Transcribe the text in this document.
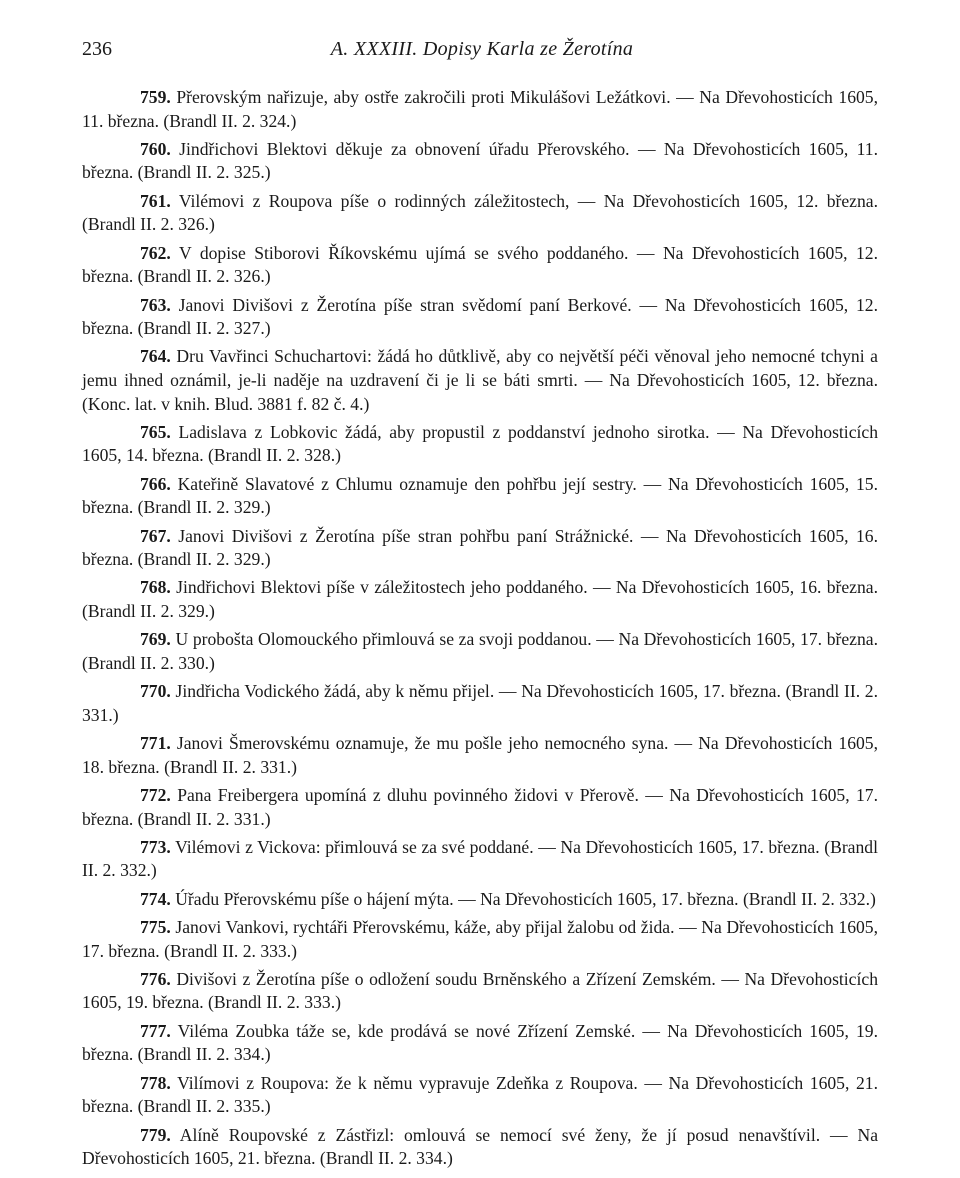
236	A. XXXIII. Dopisy Karla ze Žerotína

759. Přerovským nařizuje, aby ostře zakročili proti Mikulášovi Ležátkovi. — Na Dřevohosticích 1605, 11. března. (Brandl II. 2. 324.)

760. Jindřichovi Blektovi děkuje za obnovení úřadu Přerovského. — Na Dřevohosticích 1605, 11. března. (Brandl II. 2. 325.)

761. Vilémovi z Roupova píše o rodinných záležitostech, — Na Dřevohosticích 1605, 12. března. (Brandl II. 2. 326.)

762. V dopise Stiborovi Říkovskému ujímá se svého poddaného. — Na Dřevohosticích 1605, 12. března. (Brandl II. 2. 326.)

763. Janovi Divišovi z Žerotína píše stran svědomí paní Berkové. — Na Dřevohosticích 1605, 12. března. (Brandl II. 2. 327.)

764. Dru Vavřinci Schuchartovi: žádá ho důtklivě, aby co největší péči věnoval jeho nemocné tchyni a jemu ihned oznámil, je-li naděje na uzdravení či je li se báti smrti. — Na Dřevohosticích 1605, 12. března. (Konc. lat. v knih. Blud. 3881 f. 82 č. 4.)

765. Ladislava z Lobkovic žádá, aby propustil z poddanství jednoho sirotka. — Na Dřevohosticích 1605, 14. března. (Brandl II. 2. 328.)

766. Kateřině Slavatové z Chlumu oznamuje den pohřbu její sestry. — Na Dřevohosticích 1605, 15. března. (Brandl II. 2. 329.)

767. Janovi Divišovi z Žerotína píše stran pohřbu paní Strážnické. — Na Dřevohosticích 1605, 16. března. (Brandl II. 2. 329.)

768. Jindřichovi Blektovi píše v záležitostech jeho poddaného. — Na Dřevohosticích 1605, 16. března. (Brandl II. 2. 329.)

769. U probošta Olomouckého přimlouvá se za svoji poddanou. — Na Dřevohosticích 1605, 17. března. (Brandl II. 2. 330.)

770. Jindřicha Vodického žádá, aby k němu přijel. — Na Dřevohosticích 1605, 17. března. (Brandl II. 2. 331.)

771. Janovi Šmerovskému oznamuje, že mu pošle jeho nemocného syna. — Na Dřevohosticích 1605, 18. března. (Brandl II. 2. 331.)

772. Pana Freibergera upomíná z dluhu povinného židovi v Přerově. — Na Dřevohosticích 1605, 17. března. (Brandl II. 2. 331.)

773. Vilémovi z Vickova: přimlouvá se za své poddané. — Na Dřevohosticích 1605, 17. března. (Brandl II. 2. 332.)

774. Úřadu Přerovskému píše o hájení mýta. — Na Dřevohosticích 1605, 17. března. (Brandl II. 2. 332.)

775. Janovi Vankovi, rychtáři Přerovskému, káže, aby přijal žalobu od žida. — Na Dřevohosticích 1605, 17. března. (Brandl II. 2. 333.)

776. Divišovi z Žerotína píše o odložení soudu Brněnského a Zřízení Zemském. — Na Dřevohosticích 1605, 19. března. (Brandl II. 2. 333.)

777. Viléma Zoubka táže se, kde prodává se nové Zřízení Zemské. — Na Dřevohosticích 1605, 19. března. (Brandl II. 2. 334.)

778. Vilímovi z Roupova: že k němu vypravuje Zdeňka z Roupova. — Na Dřevohosticích 1605, 21. března. (Brandl II. 2. 335.)

779. Alíně Roupovské z Zástřizl: omlouvá se nemocí své ženy, že jí posud nenavštívil. — Na Dřevohosticích 1605, 21. března. (Brandl II. 2. 334.)
